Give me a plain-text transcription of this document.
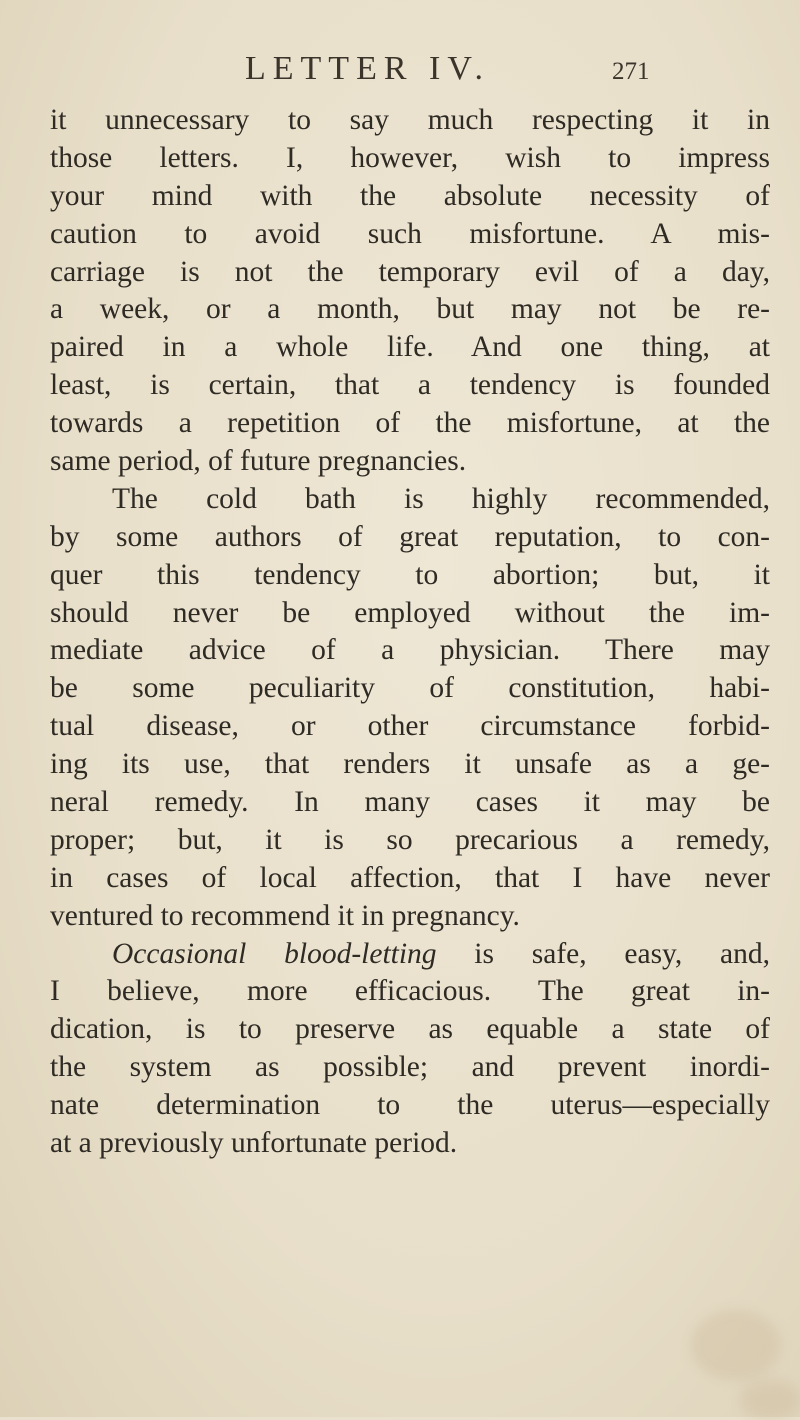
LETTER IV.	271
it unnecessary to say much respecting it in
those letters. I, however, wish to impress
your mind with the absolute necessity of
caution to avoid such misfortune. A mis-
carriage is not the temporary evil of a day,
a week, or a month, but may not be re-
paired in a whole life. And one thing, at
least, is certain, that a tendency is founded
towards a repetition of the misfortune, at the
same period, of future pregnancies.
The cold bath is highly recommended,
by some authors of great reputation, to con-
quer this tendency to abortion; but, it
should never be employed without the im-
mediate advice of a physician. There may
be some peculiarity of constitution, habi-
tual disease, or other circumstance forbid-
ing its use, that renders it unsafe as a ge-
neral remedy. In many cases it may be
proper; but, it is so precarious a remedy,
in cases of local affection, that I have never
ventured to recommend it in pregnancy.
Occasional blood-letting is safe, easy, and,
I believe, more efficacious. The great in-
dication, is to preserve as equable a state of
the system as possible; and prevent inordi-
nate determination to the uterus—especially
at a previously unfortunate period.
